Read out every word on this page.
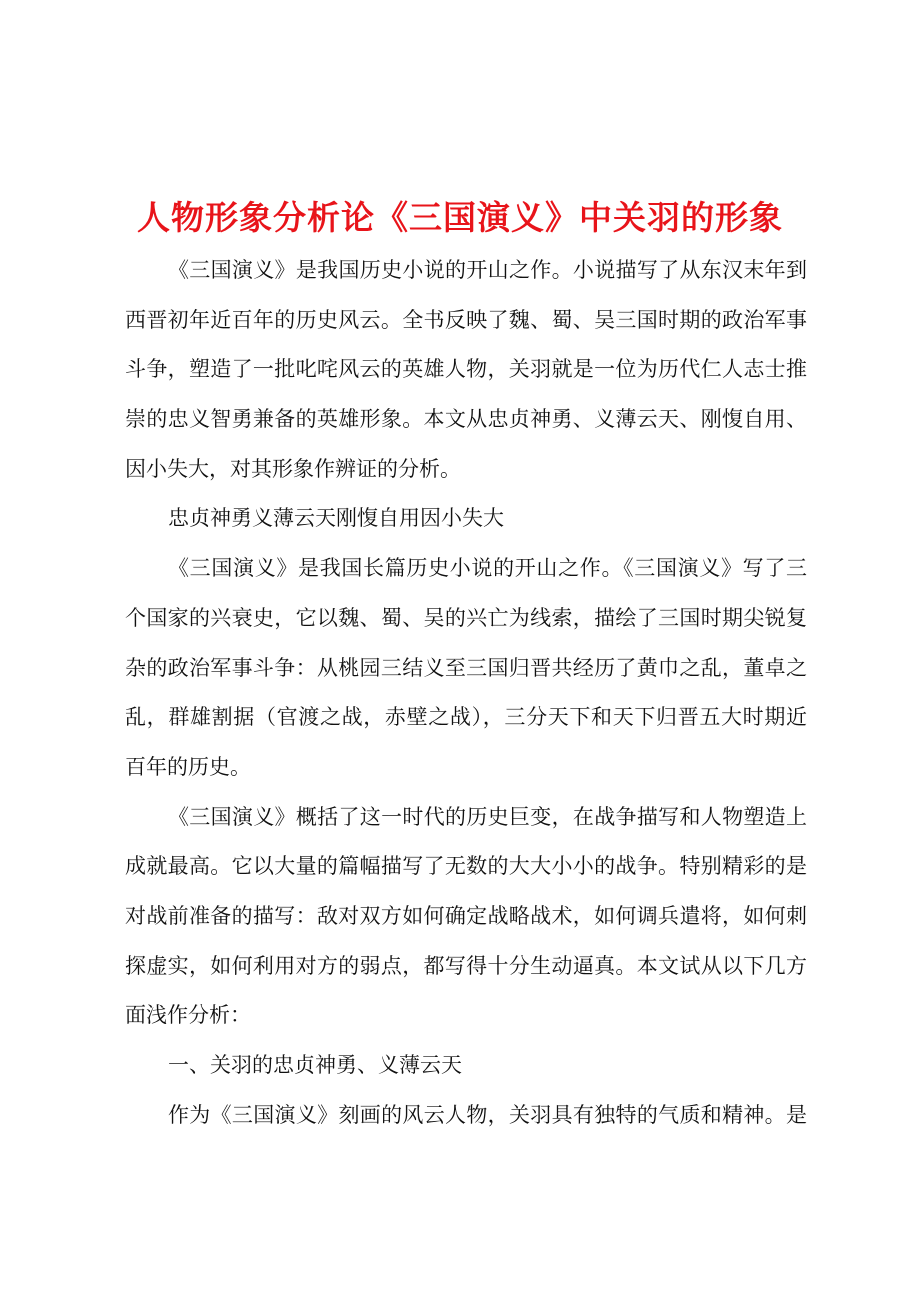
人物形象分析论《三国演义》中关羽的形象
《三国演义》是我国历史小说的开山之作。小说描写了从东汉末年到
西晋初年近百年的历史风云。全书反映了魏、蜀、吴三国时期的政治军事
斗争，塑造了一批叱咤风云的英雄人物，关羽就是一位为历代仁人志士推
崇的忠义智勇兼备的英雄形象。本文从忠贞神勇、义薄云天、刚愎自用、
因小失大，对其形象作辨证的分析。
忠贞神勇义薄云天刚愎自用因小失大
《三国演义》是我国长篇历史小说的开山之作。《三国演义》写了三
个国家的兴衰史，它以魏、蜀、吴的兴亡为线索，描绘了三国时期尖锐复
杂的政治军事斗争：从桃园三结义至三国归晋共经历了黄巾之乱，董卓之
乱，群雄割据（官渡之战，赤壁之战），三分天下和天下归晋五大时期近
百年的历史。
《三国演义》概括了这一时代的历史巨变，在战争描写和人物塑造上
成就最高。它以大量的篇幅描写了无数的大大小小的战争。特别精彩的是
对战前准备的描写：敌对双方如何确定战略战术，如何调兵遣将，如何刺
探虚实，如何利用对方的弱点，都写得十分生动逼真。本文试从以下几方
面浅作分析：
一、关羽的忠贞神勇、义薄云天
作为《三国演义》刻画的风云人物，关羽具有独特的气质和精神。是
